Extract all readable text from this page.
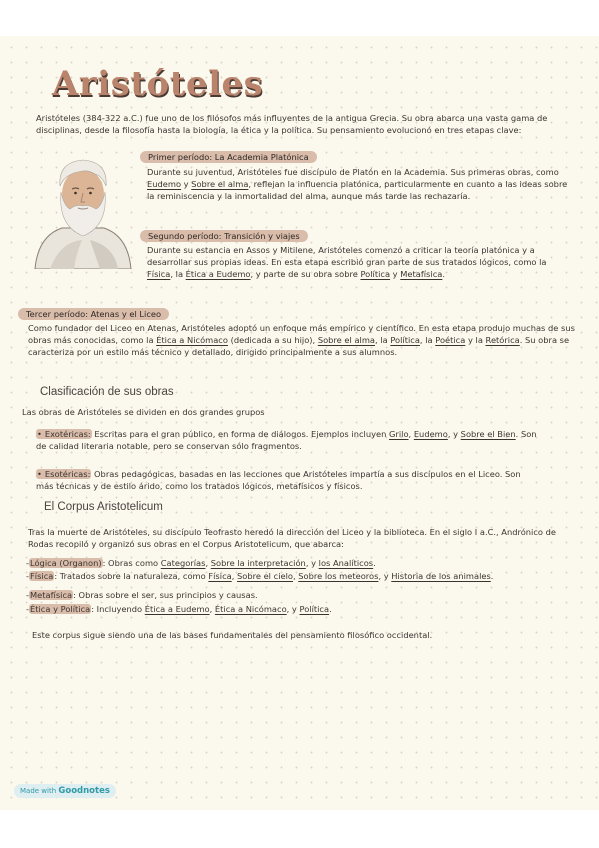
Aristóteles
Aristóteles (384-322 a.C.) fue uno de los filósofos más influyentes de la antigua Grecia. Su obra abarca una vasta gama de disciplinas, desde la filosofía hasta la biología, la ética y la política. Su pensamiento evolucionó en tres etapas clave:
Primer período: La Academia Platónica
Durante su juventud, Aristóteles fue discípulo de Platón en la Academia. Sus primeras obras, como Eudemo y Sobre el alma, reflejan la influencia platónica, particularmente en cuanto a las ideas sobre la reminiscencia y la inmortalidad del alma, aunque más tarde las rechazaría.
Segundo período: Transición y viajes
Durante su estancia en Assos y Mitilene, Aristóteles comenzó a criticar la teoría platónica y a desarrollar sus propias ideas. En esta etapa escribió gran parte de sus tratados lógicos, como la Física, la Ética a Eudemo, y parte de su obra sobre Política y Metafísica.
Tercer período: Atenas y el Liceo
Como fundador del Liceo en Atenas, Aristóteles adoptó un enfoque más empírico y científico. En esta etapa produjo muchas de sus obras más conocidas, como la Ética a Nicómaco (dedicada a su hijo), Sobre el alma, la Política, la Poética y la Retórica. Su obra se caracteriza por un estilo más técnico y detallado, dirigido principalmente a sus alumnos.
Clasificación de sus obras
Las obras de Aristóteles se dividen en dos grandes grupos
• Exotéricas: Escritas para el gran público, en forma de diálogos. Ejemplos incluyen Grilo, Eudemo, y Sobre el Bien. Son de calidad literaria notable, pero se conservan sólo fragmentos.
• Esotéricas: Obras pedagógicas, basadas en las lecciones que Aristóteles impartía a sus discípulos en el Liceo. Son más técnicas y de estilo árido, como los tratados lógicos, metafísicos y físicos.
El Corpus Aristotelicum
Tras la muerte de Aristóteles, su discípulo Teofrasto heredó la dirección del Liceo y la biblioteca. En el siglo I a.C., Andrónico de Rodas recopiló y organizó sus obras en el Corpus Aristotelicum, que abarca:
-Lógica (Organon): Obras como Categorías, Sobre la interpretación, y los Analíticos.
-Física: Tratados sobre la naturaleza, como Física, Sobre el cielo, Sobre los meteoros, y Historia de los animales.
-Metafísica: Obras sobre el ser, sus principios y causas.
-Ética y Política: Incluyendo Ética a Eudemo, Ética a Nicómaco, y Política.
Este corpus sigue siendo una de las bases fundamentales del pensamiento filosófico occidental.
Made with Goodnotes
